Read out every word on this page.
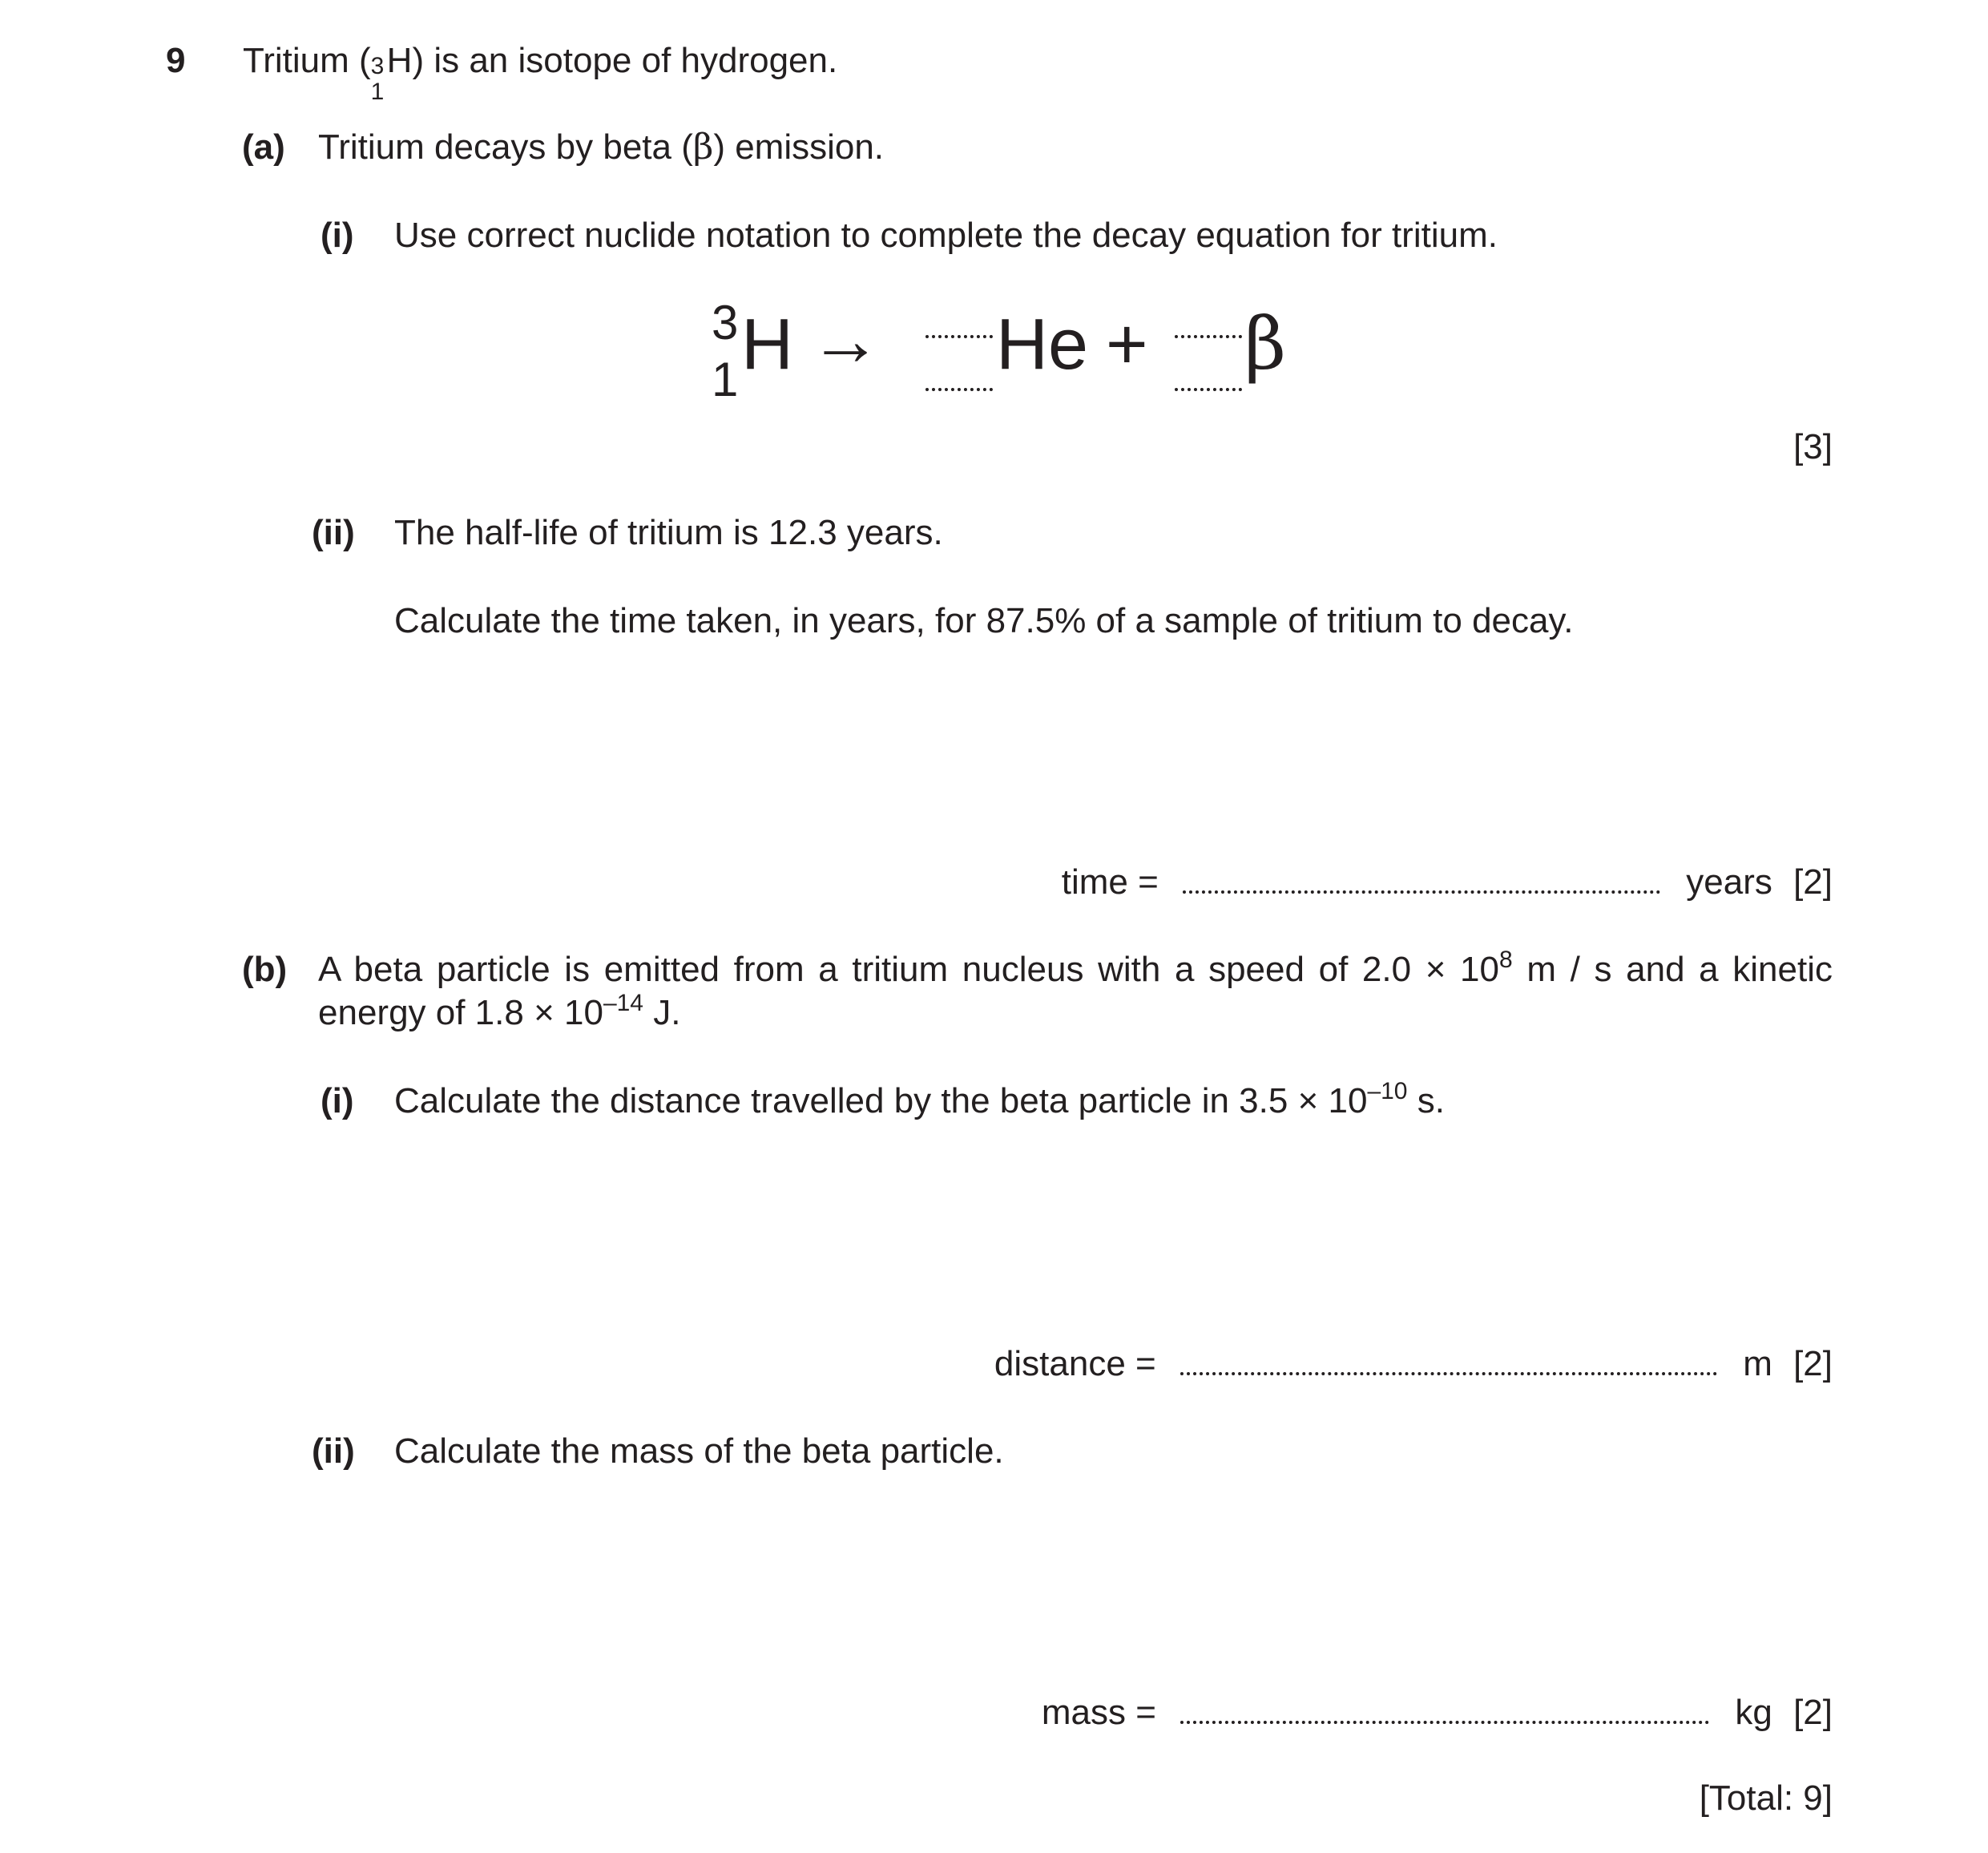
9 Tritium ( 3
1
H) is an isotope of hydrogen.
(a) Tritium decays by beta (β) emission.
(i) Use correct nuclide notation to complete the decay equation for tritium.
3
1 H → He + β
[3]
(ii) The half-life of tritium is 12.3 years.
Calculate the time taken, in years, for 87.5% of a sample of tritium to decay.
time =	years [2]
(b) A beta particle is emitted from a tritium nucleus with a speed of $2.0 \times 10^8$ m / s and a kinetic
energy of $1.8 \times 10^{-14}$ J.
(i) Calculate the distance travelled by the beta particle in $3.5 \times 10^{-10}$ s.
distance =	m [2]
(ii) Calculate the mass of the beta particle.
mass =	kg [2]
[Total: 9]
